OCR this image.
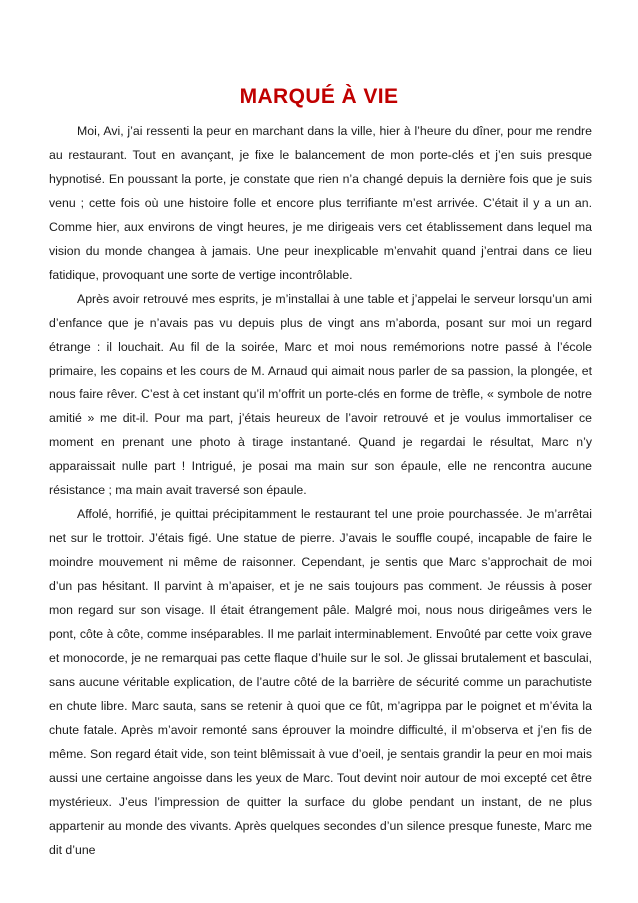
MARQUÉ À VIE

Moi, Avi, j’ai ressenti la peur en marchant dans la ville, hier à l’heure du dîner, pour me rendre au restaurant. Tout en avançant, je fixe le balancement de mon porte-clés et j’en suis presque hypnotisé. En poussant la porte, je constate que rien n’a changé depuis la dernière fois que je suis venu ; cette fois où une histoire folle et encore plus terrifiante m’est arrivée. C’était il y a un an. Comme hier, aux environs de vingt heures, je me dirigeais vers cet établissement dans lequel ma vision du monde changea à jamais. Une peur inexplicable m’envahit quand j’entrai dans ce lieu fatidique, provoquant une sorte de vertige incontrôlable.

Après avoir retrouvé mes esprits, je m’installai à une table et j’appelai le serveur lorsqu’un ami d’enfance que je n’avais pas vu depuis plus de vingt ans m’aborda, posant sur moi un regard étrange : il louchait. Au fil de la soirée, Marc et moi nous remémorions notre passé à l’école primaire, les copains et les cours de M. Arnaud qui aimait nous parler de sa passion, la plongée, et nous faire rêver. C’est à cet instant qu’il m’offrit un porte-clés en forme de trèfle, « symbole de notre amitié » me dit-il. Pour ma part, j’étais heureux de l’avoir retrouvé et je voulus immortaliser ce moment en prenant une photo à tirage instantané. Quand je regardai le résultat, Marc n’y apparaissait nulle part ! Intrigué, je posai ma main sur son épaule, elle ne rencontra aucune résistance ; ma main avait traversé son épaule.

Affolé, horrifié, je quittai précipitamment le restaurant tel une proie pourchassée. Je m’arrêtai net sur le trottoir. J’étais figé. Une statue de pierre. J’avais le souffle coupé, incapable de faire le moindre mouvement ni même de raisonner. Cependant, je sentis que Marc s’approchait de moi d’un pas hésitant. Il parvint à m’apaiser, et je ne sais toujours pas comment. Je réussis à poser mon regard sur son visage. Il était étrangement pâle. Malgré moi, nous nous dirigeâmes vers le pont, côte à côte, comme inséparables. Il me parlait interminablement. Envoûté par cette voix grave et monocorde, je ne remarquai pas cette flaque d’huile sur le sol. Je glissai brutalement et basculai, sans aucune véritable explication, de l’autre côté de la barrière de sécurité comme un parachutiste en chute libre. Marc sauta, sans se retenir à quoi que ce fût, m’agrippa par le poignet et m’évita la chute fatale. Après m’avoir remonté sans éprouver la moindre difficulté, il m’observa et j’en fis de même. Son regard était vide, son teint blêmissait à vue d’oeil, je sentais grandir la peur en moi mais aussi une certaine angoisse dans les yeux de Marc. Tout devint noir autour de moi excepté cet être mystérieux. J’eus l’impression de quitter la surface du globe pendant un instant, de ne plus appartenir au monde des vivants. Après quelques secondes d’un silence presque funeste, Marc me dit d’une
